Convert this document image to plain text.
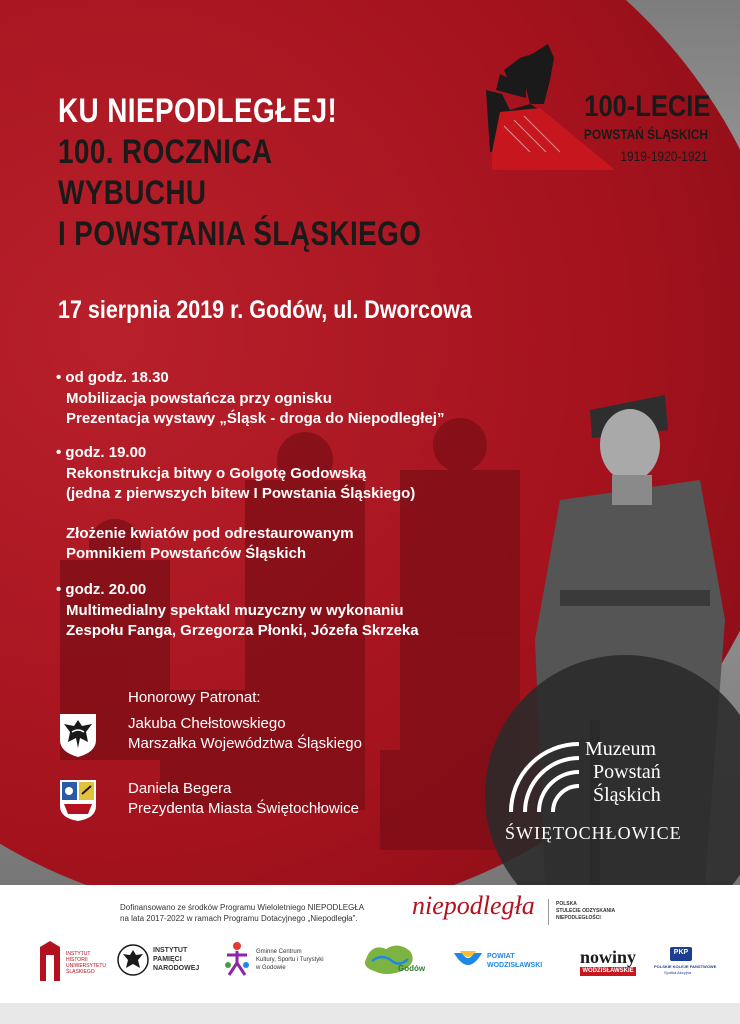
KU NIEPODLEGŁEJ!
100. ROCZNICA
WYBUCHU
I POWSTANIA ŚLĄSKIEGO
17 sierpnia 2019 r. Godów, ul. Dworcowa
• od godz. 18.30
Mobilizacja powstańcza przy ognisku
Prezentacja wystawy „Śląsk - droga do Niepodległej”
• godz. 19.00
Rekonstrukcja bitwy o Golgotę Godowską
(jedna z pierwszych bitew I Powstania Śląskiego)
Złożenie kwiatów pod odrestaurowanym
Pomnikiem Powstańców Śląskich
• godz. 20.00
Multimedialny spektakl muzyczny w wykonaniu
Zespołu Fanga, Grzegorza Płonki, Józefa Skrzeka
Honorowy Patronat:
Jakuba Chełstowskiego
Marszałka Województwa Śląskiego
Daniela Begera
Prezydenta Miasta Świętochłowice
100-LECIE
POWSTAŃ ŚLĄSKICH
1919-1920-1921
Muzeum
Powstań
Śląskich
ŚWIĘTOCHŁOWICE
Dofinansowano ze środków Programu Wieloletniego NIEPODLEGŁA
na lata 2017-2022 w ramach Programu Dotacyjnego „Niepodległa”. niepodległa	POLSKA
STULECIE ODZYSKANIA
NIEPODLEGŁOŚCI
INSTYTUT
HISTORII
UNIWERSYTETU
ŚLĄSKIEGO
INSTYTUT
PAMIĘCI
NARODOWEJ
Gminne Centrum
Kultury, Sportu i Turystyki
w Godowie	Godów
POWIAT
WODZISŁAWSKI nowiny
WODZISŁAWSKIE
PKP
POLSKIE KOLEJE PAŃSTWOWE
Spółka Akcyjna
